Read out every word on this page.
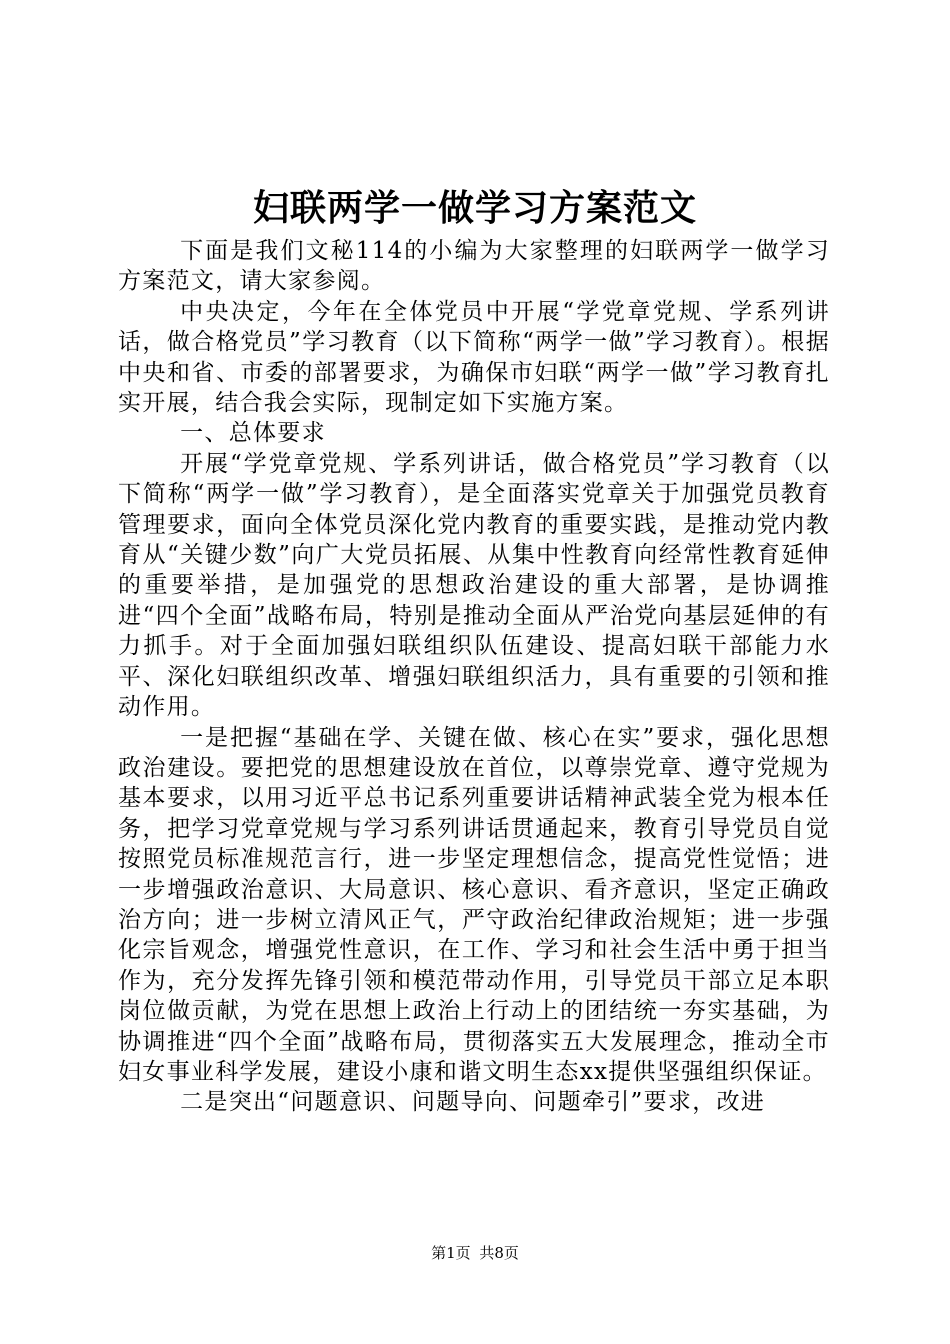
妇联两学一做学习方案范文

下面是我们文秘114的小编为大家整理的妇联两学一做学习方案范文，请大家参阅。

中央决定，今年在全体党员中开展“学党章党规、学系列讲话，做合格党员”学习教育（以下简称“两学一做”学习教育）。根据中央和省、市委的部署要求，为确保市妇联“两学一做”学习教育扎实开展，结合我会实际，现制定如下实施方案。

一、总体要求

开展“学党章党规、学系列讲话，做合格党员”学习教育（以下简称“两学一做”学习教育），是全面落实党章关于加强党员教育管理要求，面向全体党员深化党内教育的重要实践，是推动党内教育从“关键少数”向广大党员拓展、从集中性教育向经常性教育延伸的重要举措，是加强党的思想政治建设的重大部署，是协调推进“四个全面”战略布局，特别是推动全面从严治党向基层延伸的有力抓手。对于全面加强妇联组织队伍建设、提高妇联干部能力水平、深化妇联组织改革、增强妇联组织活力，具有重要的引领和推动作用。

一是把握“基础在学、关键在做、核心在实”要求，强化思想政治建设。要把党的思想建设放在首位，以尊崇党章、遵守党规为基本要求，以用习近平总书记系列重要讲话精神武装全党为根本任务，把学习党章党规与学习系列讲话贯通起来，教育引导党员自觉按照党员标准规范言行，进一步坚定理想信念，提高党性觉悟；进一步增强政治意识、大局意识、核心意识、看齐意识，坚定正确政治方向；进一步树立清风正气，严守政治纪律政治规矩；进一步强化宗旨观念，增强党性意识，在工作、学习和社会生活中勇于担当作为，充分发挥先锋引领和模范带动作用，引导党员干部立足本职岗位做贡献，为党在思想上政治上行动上的团结统一夯实基础，为协调推进“四个全面”战略布局，贯彻落实五大发展理念，推动全市妇女事业科学发展，建设小康和谐文明生态xx提供坚强组织保证。

二是突出“问题意识、问题导向、问题牵引”要求，改进

第1页 共8页
